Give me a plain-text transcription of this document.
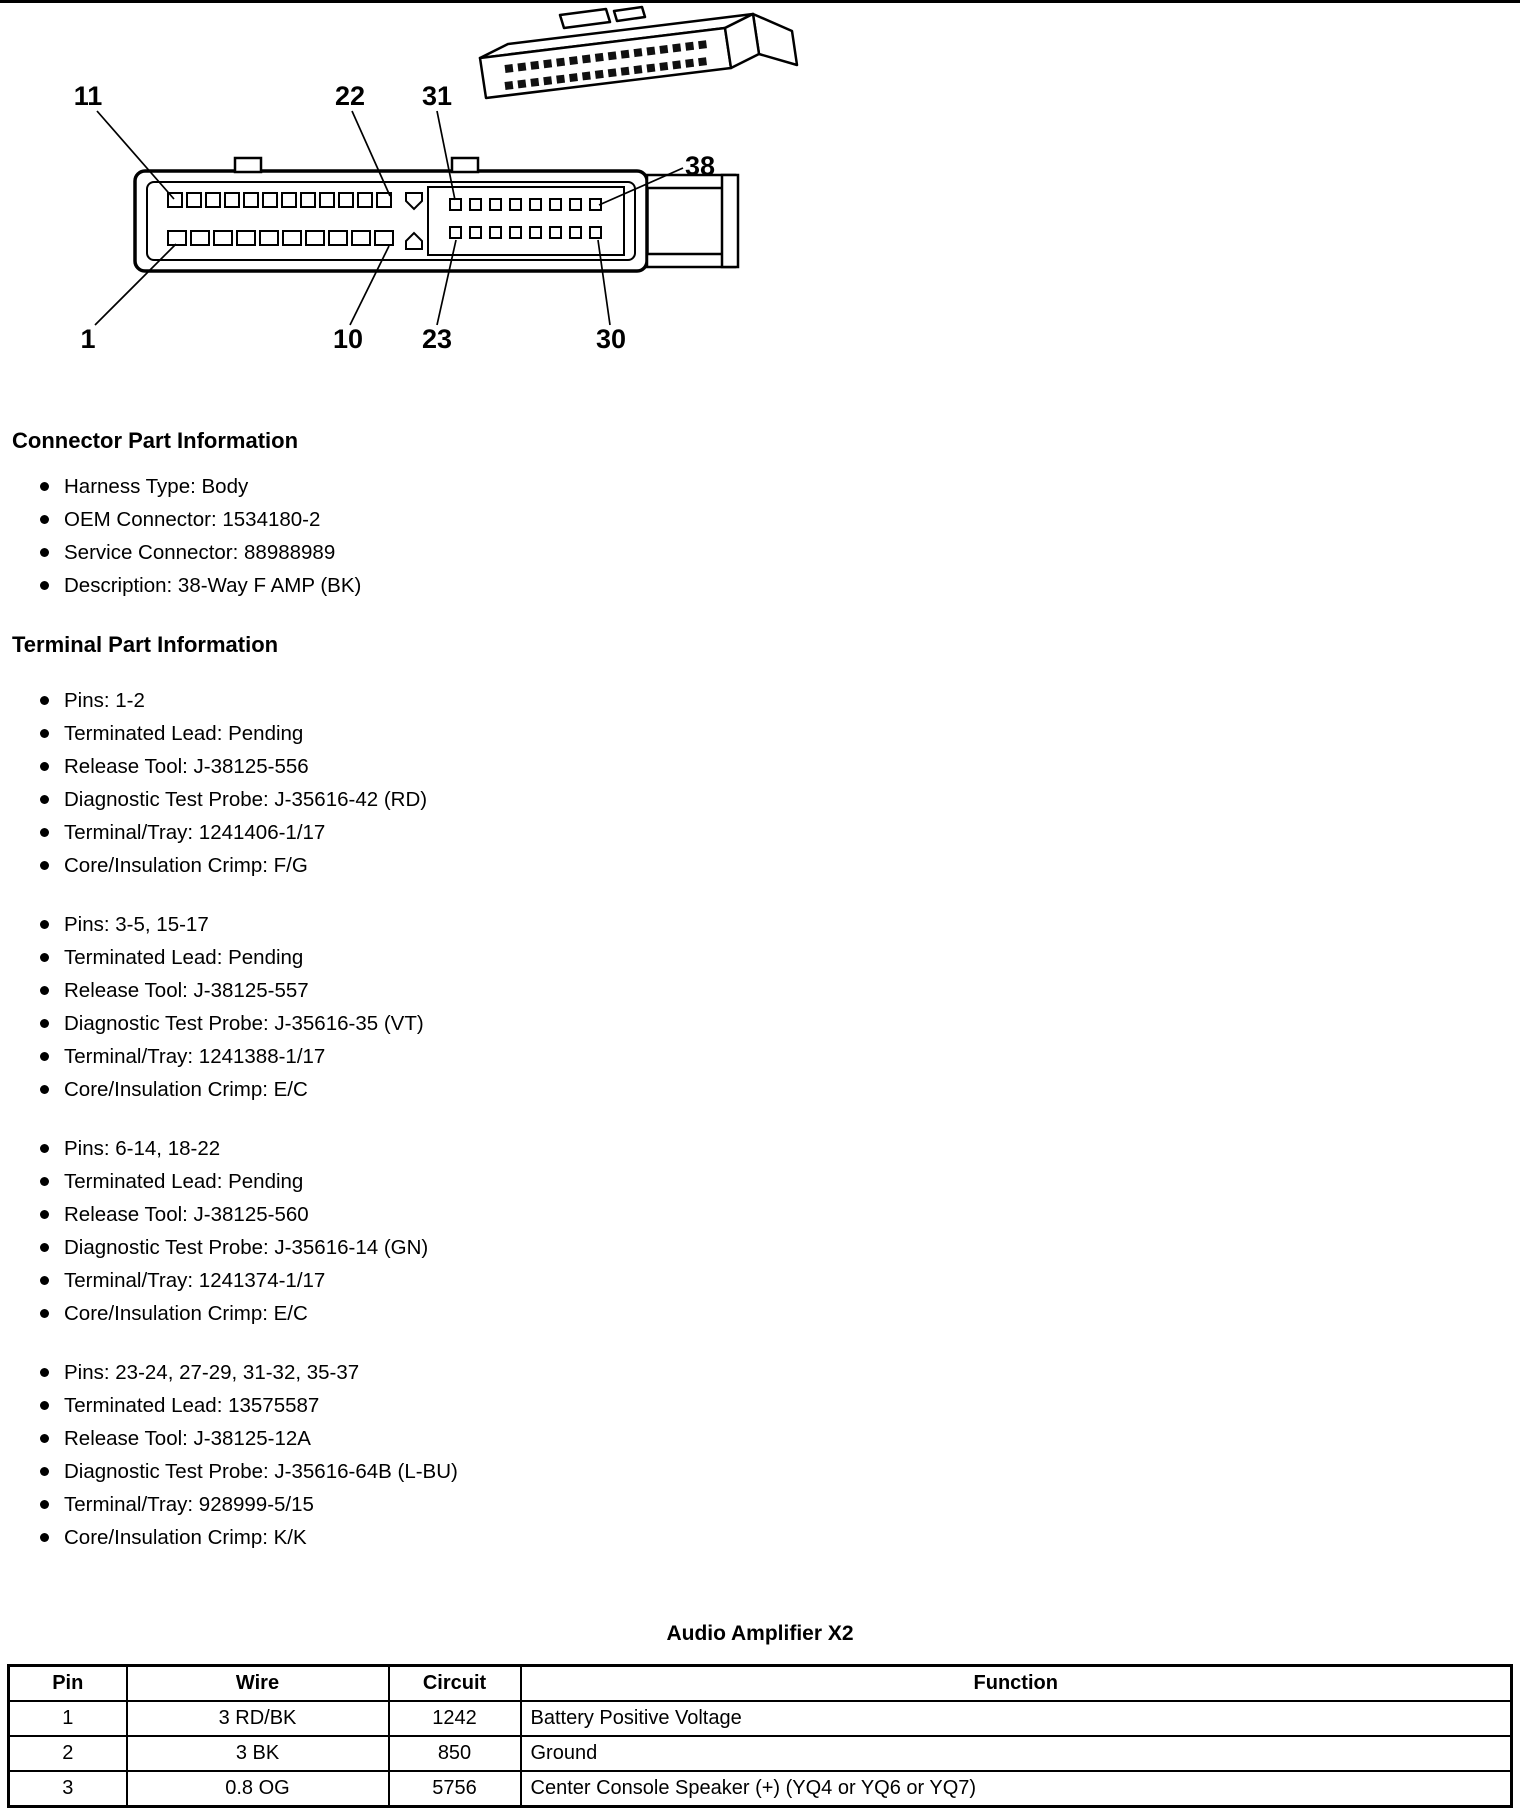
11	22 31
38
1	10 23	30
Connector Part Information
Harness Type: Body
OEM Connector: 1534180-2
Service Connector: 88988989
Description: 38-Way F AMP (BK)
Terminal Part Information
Pins: 1-2
Terminated Lead: Pending
Release Tool: J-38125-556
Diagnostic Test Probe: J-35616-42 (RD)
Terminal/Tray: 1241406-1/17
Core/Insulation Crimp: F/G
Pins: 3-5, 15-17
Terminated Lead: Pending
Release Tool: J-38125-557
Diagnostic Test Probe: J-35616-35 (VT)
Terminal/Tray: 1241388-1/17
Core/Insulation Crimp: E/C
Pins: 6-14, 18-22
Terminated Lead: Pending
Release Tool: J-38125-560
Diagnostic Test Probe: J-35616-14 (GN)
Terminal/Tray: 1241374-1/17
Core/Insulation Crimp: E/C
Pins: 23-24, 27-29, 31-32, 35-37
Terminated Lead: 13575587
Release Tool: J-38125-12A
Diagnostic Test Probe: J-35616-64B (L-BU)
Terminal/Tray: 928999-5/15
Core/Insulation Crimp: K/K
Audio Amplifier X2
Pin	Wire	Circuit	Function
1	3 RD/BK	1242	Battery Positive Voltage
2	3 BK	850	Ground
3	0.8 OG	5756	Center Console Speaker (+) (YQ4 or YQ6 or YQ7)
